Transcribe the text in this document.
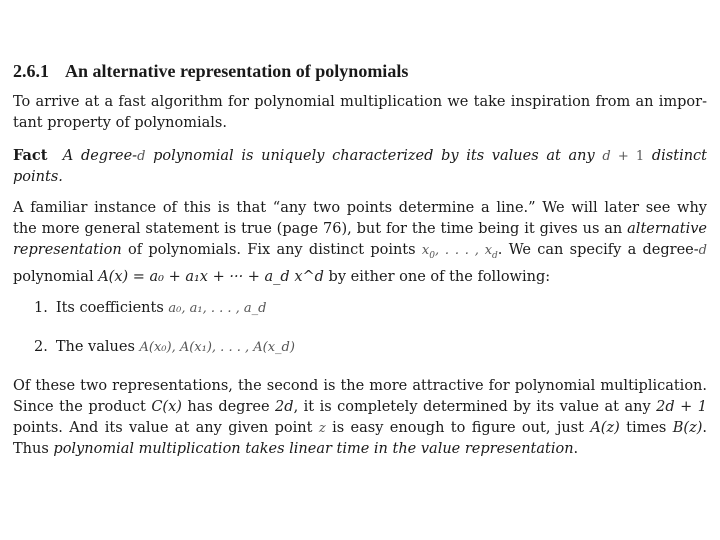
2.6.1 An alternative representation of polynomials
To arrive at a fast algorithm for polynomial multiplication we take inspiration from an impor-
tant property of polynomials.
Fact A degree-d polynomial is uniquely characterized by its values at any d + 1 distinct
points.
A familiar instance of this is that “any two points determine a line.” We will later see why
the more general statement is true (page 76), but for the time being it gives us an alternative
representation of polynomials. Fix any distinct points $x_0$, . . . , $x_d$. We can specify a degree-d
polynomial A(x) = a₀ + a₁x + ··· + a_d x^d by either one of the following:
1. Its coefficients a₀, a₁, . . . , a_d
2. The values A(x₀), A(x₁), . . . , A(x_d)
Of these two representations, the second is the more attractive for polynomial multiplication.
Since the product C(x) has degree 2d, it is completely determined by its value at any 2d + 1
points. And its value at any given point z is easy enough to figure out, just A(z) times B(z).
Thus polynomial multiplication takes linear time in the value representation.
